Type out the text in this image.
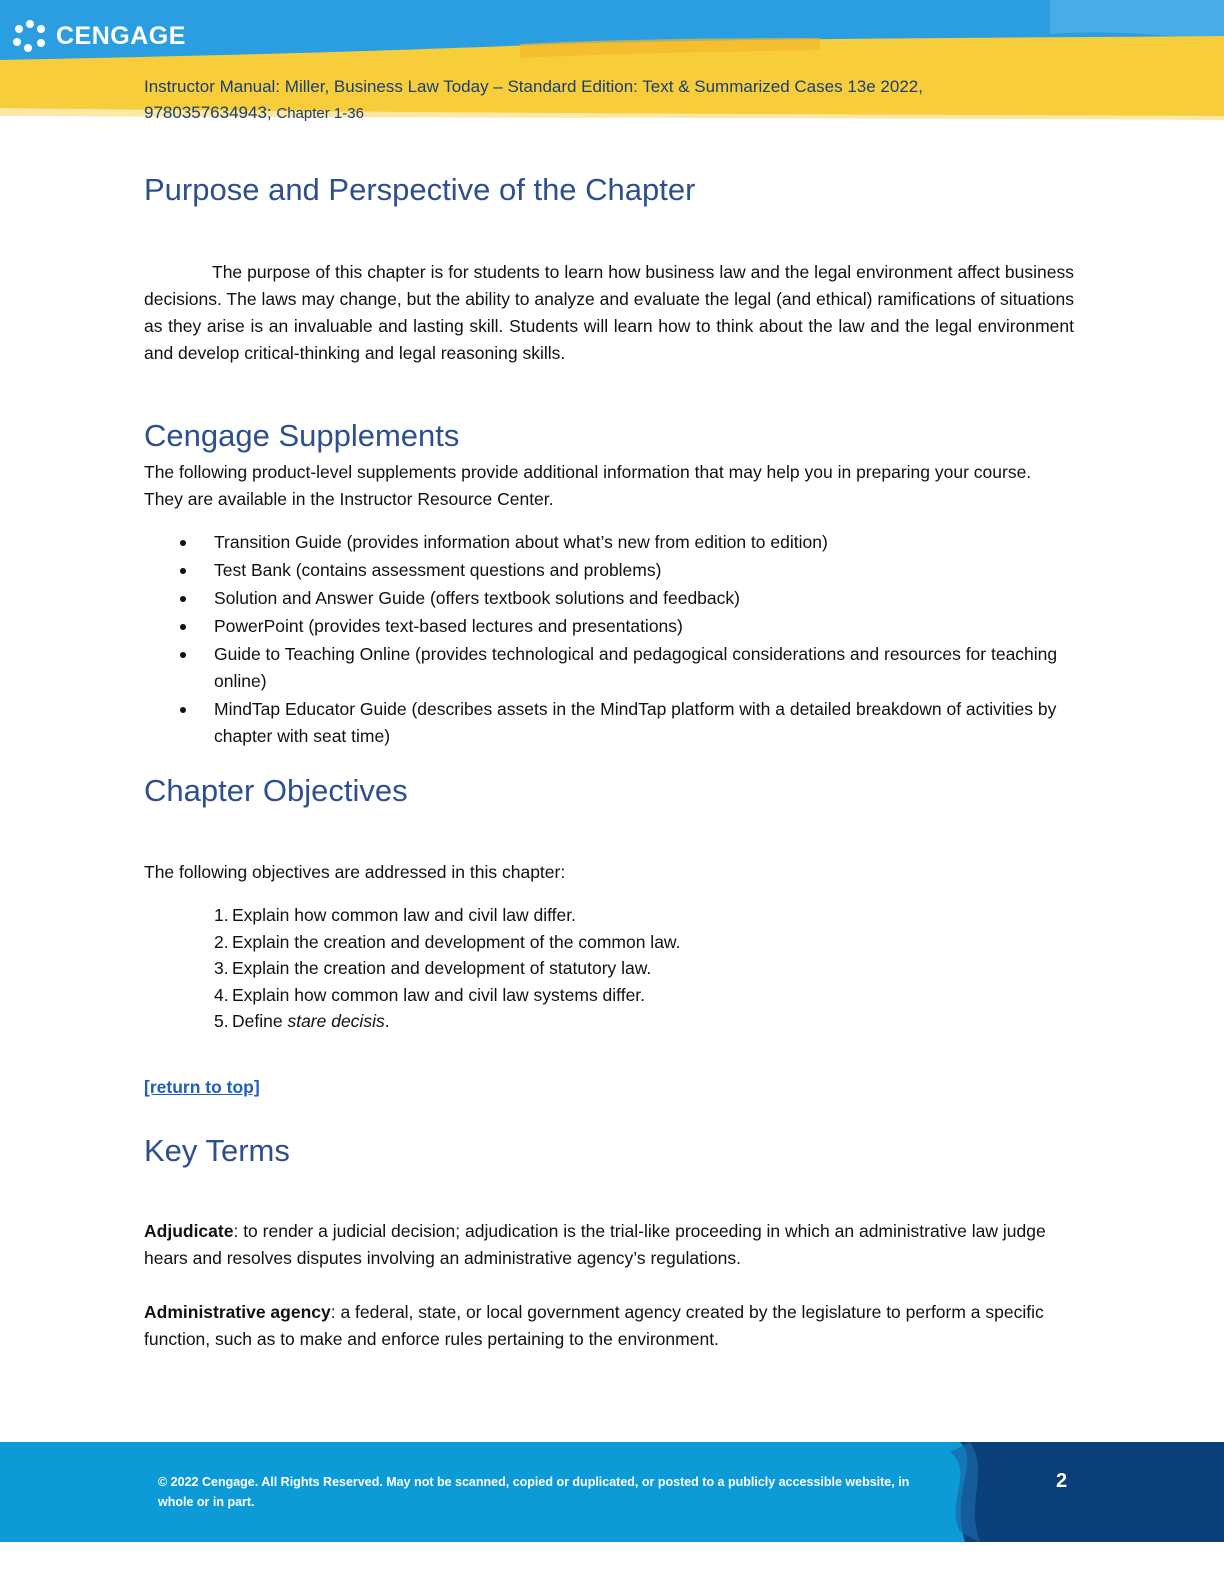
CENGAGE
Instructor Manual: Miller, Business Law Today – Standard Edition: Text & Summarized Cases 13e 2022,
9780357634943; Chapter 1-36
Purpose and Perspective of the Chapter

The purpose of this chapter is for students to learn how business law and the legal environment affect business decisions. The laws may change, but the ability to analyze and evaluate the legal (and ethical) ramifications of situations as they arise is an invaluable and lasting skill. Students will learn how to think about the law and the legal environment and develop critical-thinking and legal reasoning skills.

Cengage Supplements

The following product-level supplements provide additional information that may help you in preparing your course. They are available in the Instructor Resource Center.

Transition Guide (provides information about what’s new from edition to edition)
Test Bank (contains assessment questions and problems)
Solution and Answer Guide (offers textbook solutions and feedback)
PowerPoint (provides text-based lectures and presentations)
Guide to Teaching Online (provides technological and pedagogical considerations and resources for teaching online)
MindTap Educator Guide (describes assets in the MindTap platform with a detailed breakdown of activities by chapter with seat time)
Chapter Objectives

The following objectives are addressed in this chapter:

1. Explain how common law and civil law differ.
2. Explain the creation and development of the common law.
3. Explain the creation and development of statutory law.
4. Explain how common law and civil law systems differ.
5. Define stare decisis.
[return to top]
Key Terms

Adjudicate: to render a judicial decision; adjudication is the trial-like proceeding in which an administrative law judge hears and resolves disputes involving an administrative agency’s regulations.

Administrative agency: a federal, state, or local government agency created by the legislature to perform a specific function, such as to make and enforce rules pertaining to the environment.

© 2022 Cengage. All Rights Reserved. May not be scanned, copied or duplicated, or posted to a publicly accessible website, in whole or in part.
2
